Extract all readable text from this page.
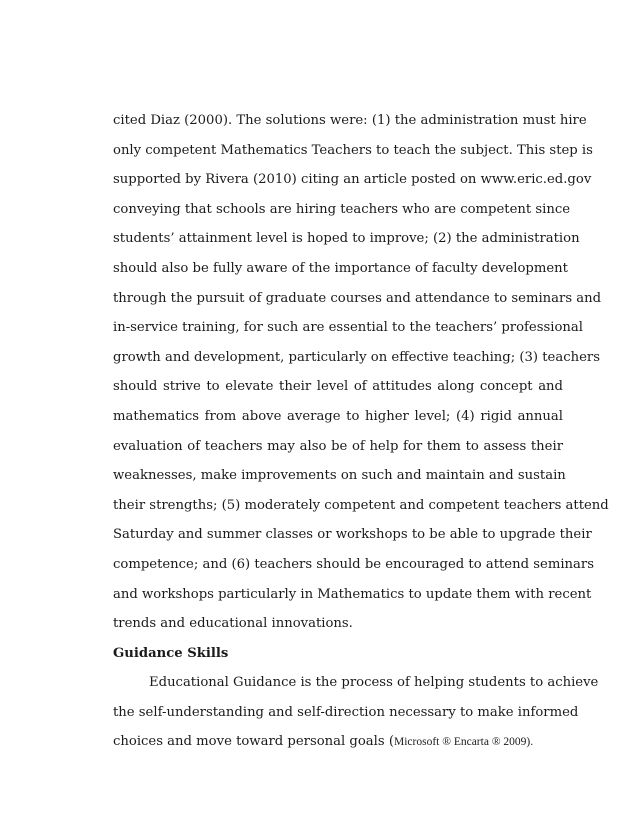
cited Diaz (2000). The solutions were: (1) the administration must hire
only competent Mathematics Teachers to teach the subject. This step is
supported by Rivera (2010) citing an article posted on www.eric.ed.gov
conveying that schools are hiring teachers who are competent since
students’ attainment level is hoped to improve; (2) the administration
should also be fully aware of the importance of faculty development
through the pursuit of graduate courses and attendance to seminars and
in-service training, for such are essential to the teachers’ professional
growth and development, particularly on effective teaching; (3) teachers
should strive to elevate their level of attitudes along concept and
mathematics from above average to higher level; (4) rigid annual
evaluation of teachers may also be of help for them to assess their
weaknesses, make improvements on such and maintain and sustain
their strengths; (5) moderately competent and competent teachers attend
Saturday and summer classes or workshops to be able to upgrade their
competence; and (6) teachers should be encouraged to attend seminars
and workshops particularly in Mathematics to update them with recent
trends and educational innovations.
Guidance Skills
Educational Guidance is the process of helping students to achieve
the self-understanding and self-direction necessary to make informed
choices and move toward personal goals (Microsoft ® Encarta ® 2009).
